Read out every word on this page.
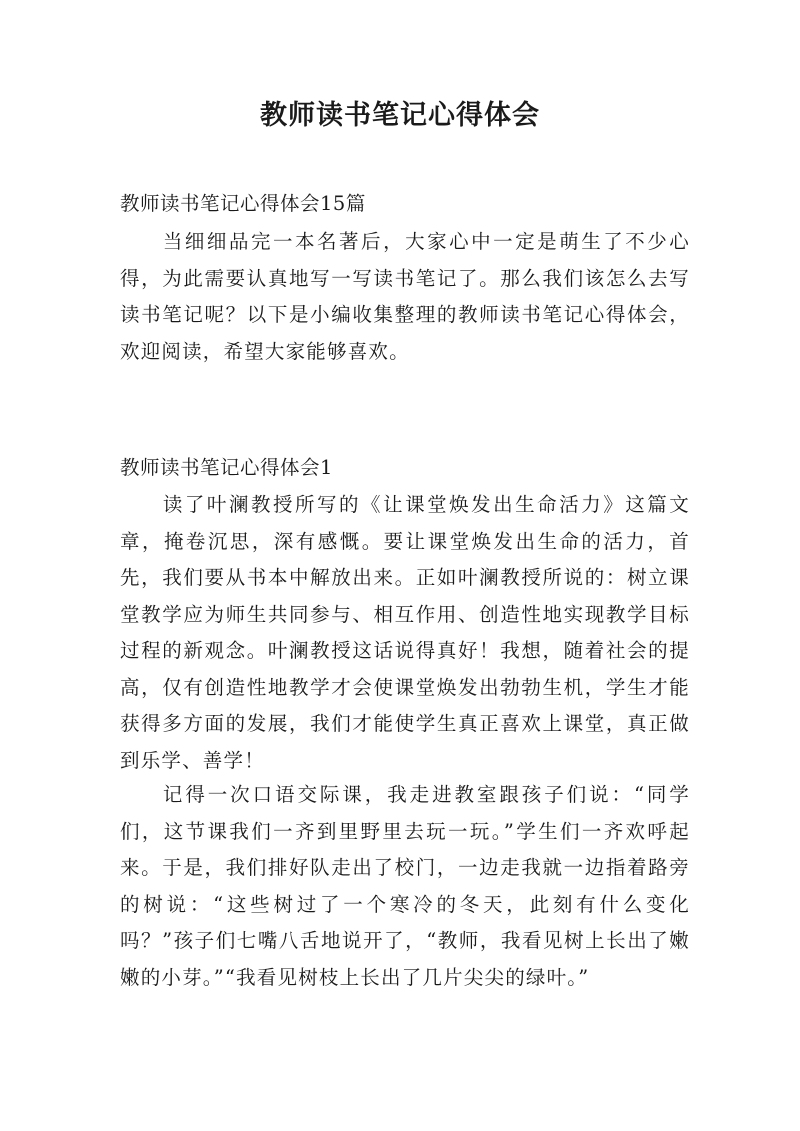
教师读书笔记心得体会

教师读书笔记心得体会15篇

当细细品完一本名著后，大家心中一定是萌生了不少心得，为此需要认真地写一写读书笔记了。那么我们该怎么去写读书笔记呢？以下是小编收集整理的教师读书笔记心得体会，欢迎阅读，希望大家能够喜欢。

教师读书笔记心得体会1

读了叶澜教授所写的《让课堂焕发出生命活力》这篇文章，掩卷沉思，深有感慨。要让课堂焕发出生命的活力，首先，我们要从书本中解放出来。正如叶澜教授所说的：树立课堂教学应为师生共同参与、相互作用、创造性地实现教学目标过程的新观念。叶澜教授这话说得真好！我想，随着社会的提高，仅有创造性地教学才会使课堂焕发出勃勃生机，学生才能获得多方面的发展，我们才能使学生真正喜欢上课堂，真正做到乐学、善学！

记得一次口语交际课，我走进教室跟孩子们说：“同学们，这节课我们一齐到里野里去玩一玩。”学生们一齐欢呼起来。于是，我们排好队走出了校门，一边走我就一边指着路旁的树说：“这些树过了一个寒冷的冬天，此刻有什么变化吗？”孩子们七嘴八舌地说开了，“教师，我看见树上长出了嫩嫩的小芽。”“我看见树枝上长出了几片尖尖的绿叶。”
